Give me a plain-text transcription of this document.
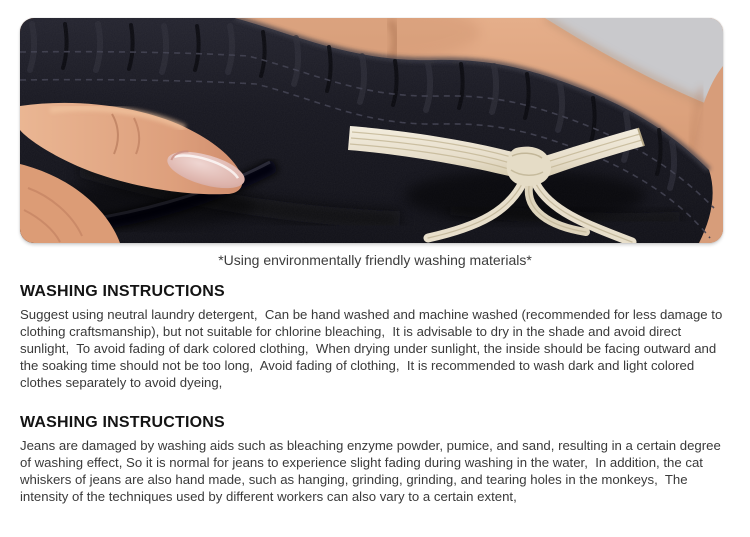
*Using environmentally friendly washing materials*

WASHING INSTRUCTIONS

Suggest using neutral laundry detergent,  Can be hand washed and machine washed (recommended for less damage to clothing craftsmanship), but not suitable for chlorine bleaching,  It is advisable to dry in the shade and avoid direct sunlight,  To avoid fading of dark colored clothing,  When drying under sunlight, the inside should be facing outward and the soaking time should not be too long,  Avoid fading of clothing,  It is recommended to wash dark and light colored clothes separately to avoid dyeing,

WASHING INSTRUCTIONS

Jeans are damaged by washing aids such as bleaching enzyme powder, pumice, and sand, resulting in a certain degree of washing effect, So it is normal for jeans to experience slight fading during washing in the water,  In addition, the cat whiskers of jeans are also hand made, such as hanging, grinding, grinding, and tearing holes in the monkeys,  The intensity of the techniques used by different workers can also vary to a certain extent,
